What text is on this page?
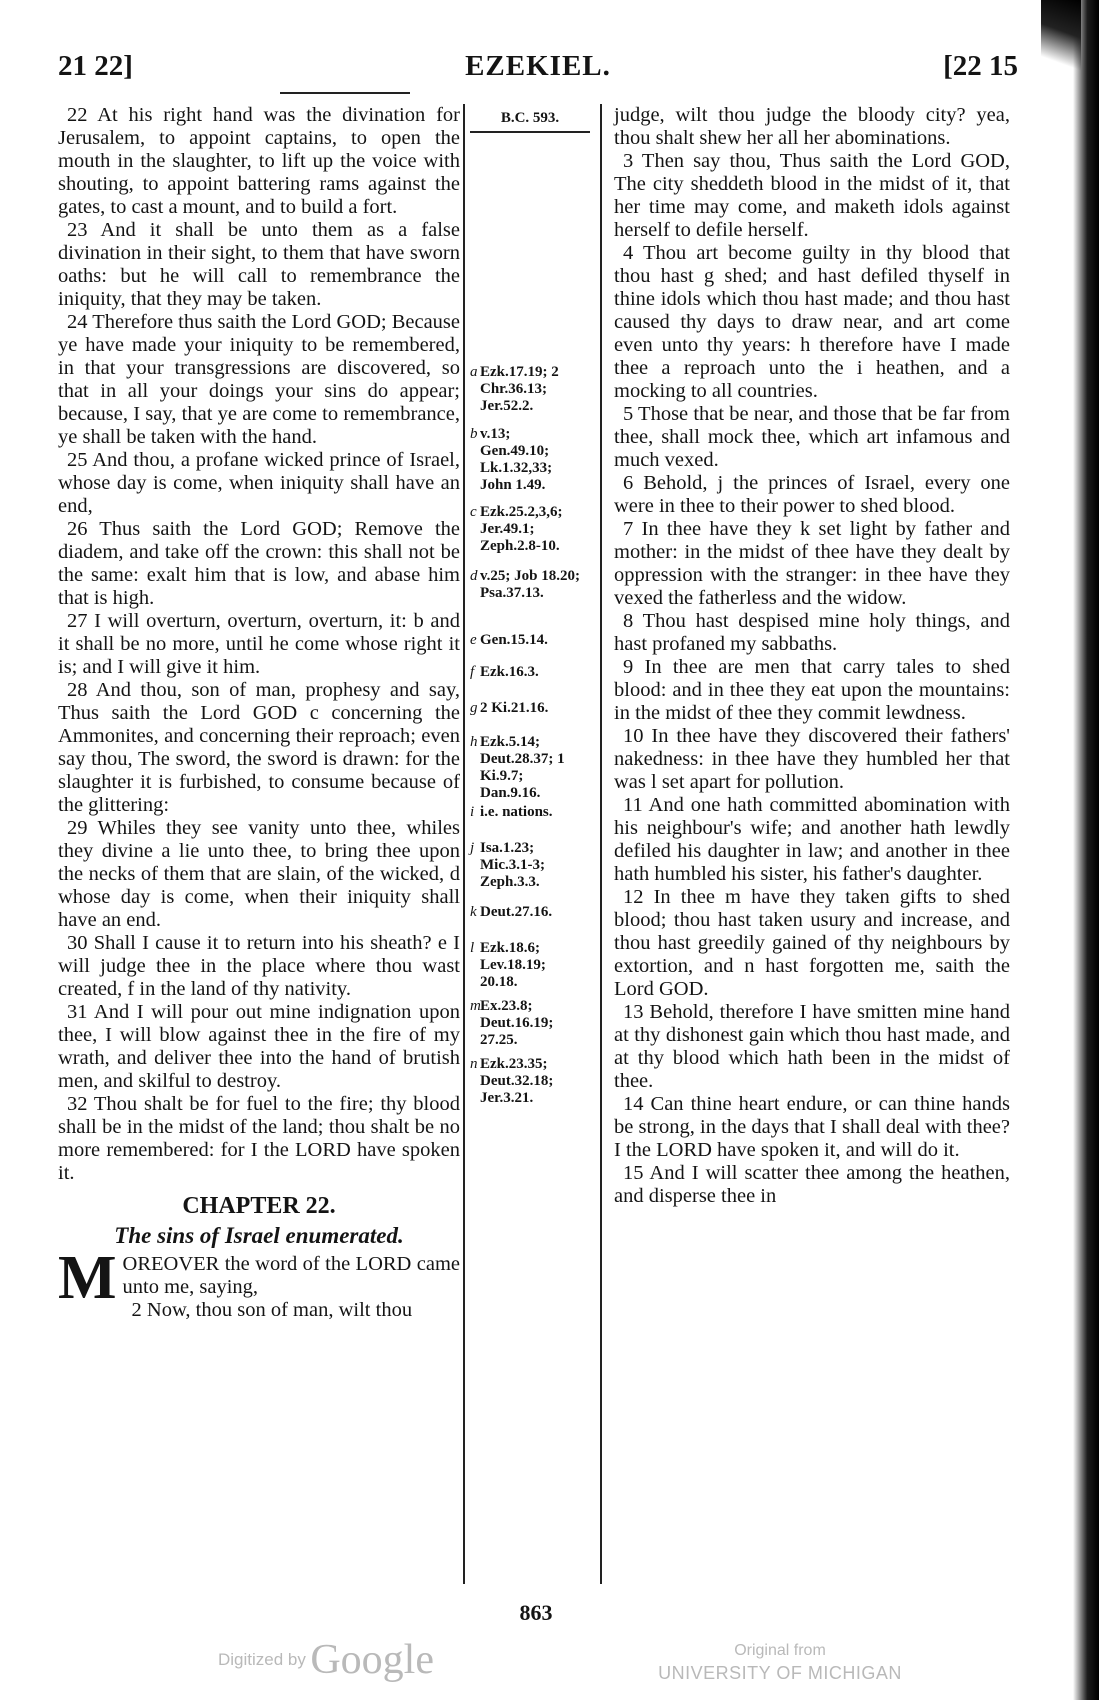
21 22]	EZEKIEL.	[22 15

22 At his right hand was the divination for Jerusalem, to appoint captains, to open the mouth in the slaughter, to lift up the voice with shouting, to appoint battering rams against the gates, to cast a mount, and to build a fort.

23 And it shall be unto them as a false divination in their sight, to them that have sworn oaths: but he will call to remembrance the iniquity, that they may be taken.

24 Therefore thus saith the Lord GOD; Because ye have made your iniquity to be remembered, in that your transgressions are discovered, so that in all your doings your sins do appear; because, I say, that ye are come to remembrance, ye shall be taken with the hand.

25 And thou, a profane wicked prince of Israel, whose day is come, when iniquity shall have an end,

26 Thus saith the Lord GOD; Remove the diadem, and take off the crown: this shall not be the same: exalt him that is low, and abase him that is high.

27 I will overturn, overturn, overturn, it: b and it shall be no more, until he come whose right it is; and I will give it him.

28 And thou, son of man, prophesy and say, Thus saith the Lord GOD c concerning the Ammonites, and concerning their reproach; even say thou, The sword, the sword is drawn: for the slaughter it is furbished, to consume because of the glittering:

29 Whiles they see vanity unto thee, whiles they divine a lie unto thee, to bring thee upon the necks of them that are slain, of the wicked, d whose day is come, when their iniquity shall have an end.

30 Shall I cause it to return into his sheath? e I will judge thee in the place where thou wast created, f in the land of thy nativity.

31 And I will pour out mine indignation upon thee, I will blow against thee in the fire of my wrath, and deliver thee into the hand of brutish men, and skilful to destroy.

32 Thou shalt be for fuel to the fire; thy blood shall be in the midst of the land; thou shalt be no more remembered: for I the LORD have spoken it.

CHAPTER 22.

The sins of Israel enumerated.

MOREOVER the word of the LORD came unto me, saying,

2 Now, thou son of man, wilt thou

B.C. 593.
a Ezk.17.19; 2 Chr.36.13; Jer.52.2.
b v.13; Gen.49.10; Lk.1.32,33; John 1.49.
c Ezk.25.2,3,6; Jer.49.1; Zeph.2.8-10.
d v.25; Job 18.20; Psa.37.13.
e Gen.15.14.
f Ezk.16.3.
g 2 Ki.21.16.
h Ezk.5.14; Deut.28.37; 1 Ki.9.7; Dan.9.16.
i i.e. nations.
j Isa.1.23; Mic.3.1-3; Zeph.3.3.
k Deut.27.16.
l Ezk.18.6; Lev.18.19; 20.18.
mEx.23.8; Deut.16.19; 27.25.
n Ezk.23.35; Deut.32.18; Jer.3.21.

judge, wilt thou judge the bloody city? yea, thou shalt shew her all her abominations.

3 Then say thou, Thus saith the Lord GOD, The city sheddeth blood in the midst of it, that her time may come, and maketh idols against herself to defile herself.

4 Thou art become guilty in thy blood that thou hast g shed; and hast defiled thyself in thine idols which thou hast made; and thou hast caused thy days to draw near, and art come even unto thy years: h therefore have I made thee a reproach unto the i heathen, and a mocking to all countries.

5 Those that be near, and those that be far from thee, shall mock thee, which art infamous and much vexed.

6 Behold, j the princes of Israel, every one were in thee to their power to shed blood.

7 In thee have they k set light by father and mother: in the midst of thee have they dealt by oppression with the stranger: in thee have they vexed the fatherless and the widow.

8 Thou hast despised mine holy things, and hast profaned my sabbaths.

9 In thee are men that carry tales to shed blood: and in thee they eat upon the mountains: in the midst of thee they commit lewdness.

10 In thee have they discovered their fathers' nakedness: in thee have they humbled her that was l set apart for pollution.

11 And one hath committed abomination with his neighbour's wife; and another hath lewdly defiled his daughter in law; and another in thee hath humbled his sister, his father's daughter.

12 In thee m have they taken gifts to shed blood; thou hast taken usury and increase, and thou hast greedily gained of thy neighbours by extortion, and n hast forgotten me, saith the Lord GOD.

13 Behold, therefore I have smitten mine hand at thy dishonest gain which thou hast made, and at thy blood which hath been in the midst of thee.

14 Can thine heart endure, or can thine hands be strong, in the days that I shall deal with thee? I the LORD have spoken it, and will do it.

15 And I will scatter thee among the heathen, and disperse thee in

863
Digitized by Google	Original from
UNIVERSITY OF MICHIGAN
